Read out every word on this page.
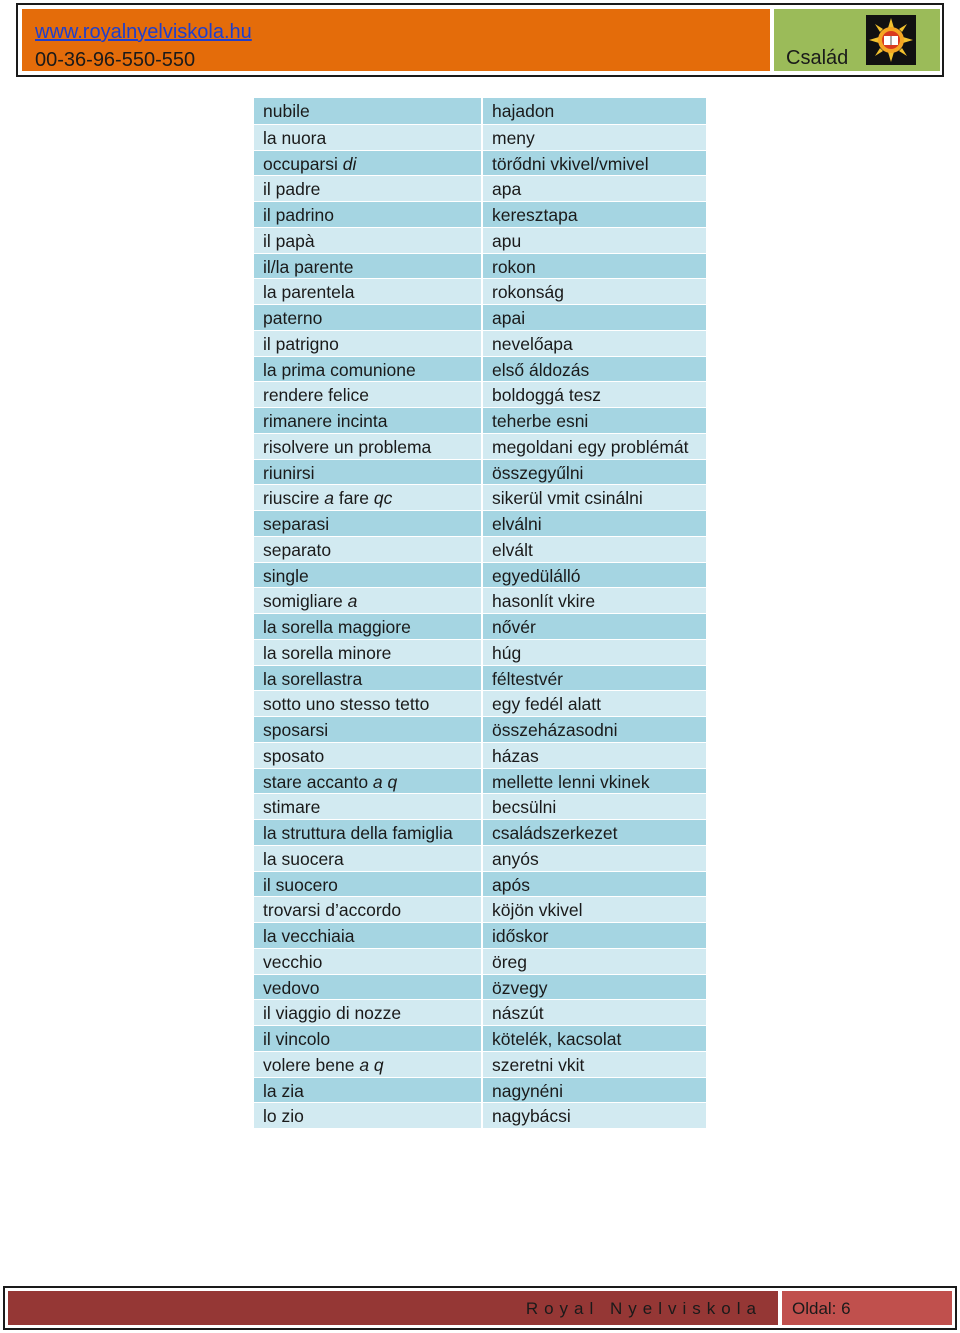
www.royalnyelviskola.hu
00-36-96-550-550	Család
nubile	hajadon
la nuora	meny
occuparsi di	törődni vkivel/vmivel
il padre	apa
il padrino	keresztapa
il papà	apu
il/la parente	rokon
la parentela	rokonság
paterno	apai
il patrigno	nevelőapa
la prima comunione	első áldozás
rendere felice	boldoggá tesz
rimanere incinta	teherbe esni
risolvere un problema	megoldani egy problémát
riunirsi	összegyűlni
riuscire a fare qc	sikerül vmit csinálni
separasi	elválni
separato	elvált
single	egyedülálló
somigliare a	hasonlít vkire
la sorella maggiore	nővér
la sorella minore	húg
la sorellastra	féltestvér
sotto uno stesso tetto	egy fedél alatt
sposarsi	összeházasodni
sposato	házas
stare accanto a q	mellette lenni vkinek
stimare	becsülni
la struttura della famiglia	családszerkezet
la suocera	anyós
il suocero	após
trovarsi d’accordo	köjön vkivel
la vecchiaia	időskor
vecchio	öreg
vedovo	özvegy
il viaggio di nozze	nászút
il vincolo	kötelék, kacsolat
volere bene a q	szeretni vkit
la zia	nagynéni
lo zio	nagybácsi
Royal Nyelviskola Oldal: 6
